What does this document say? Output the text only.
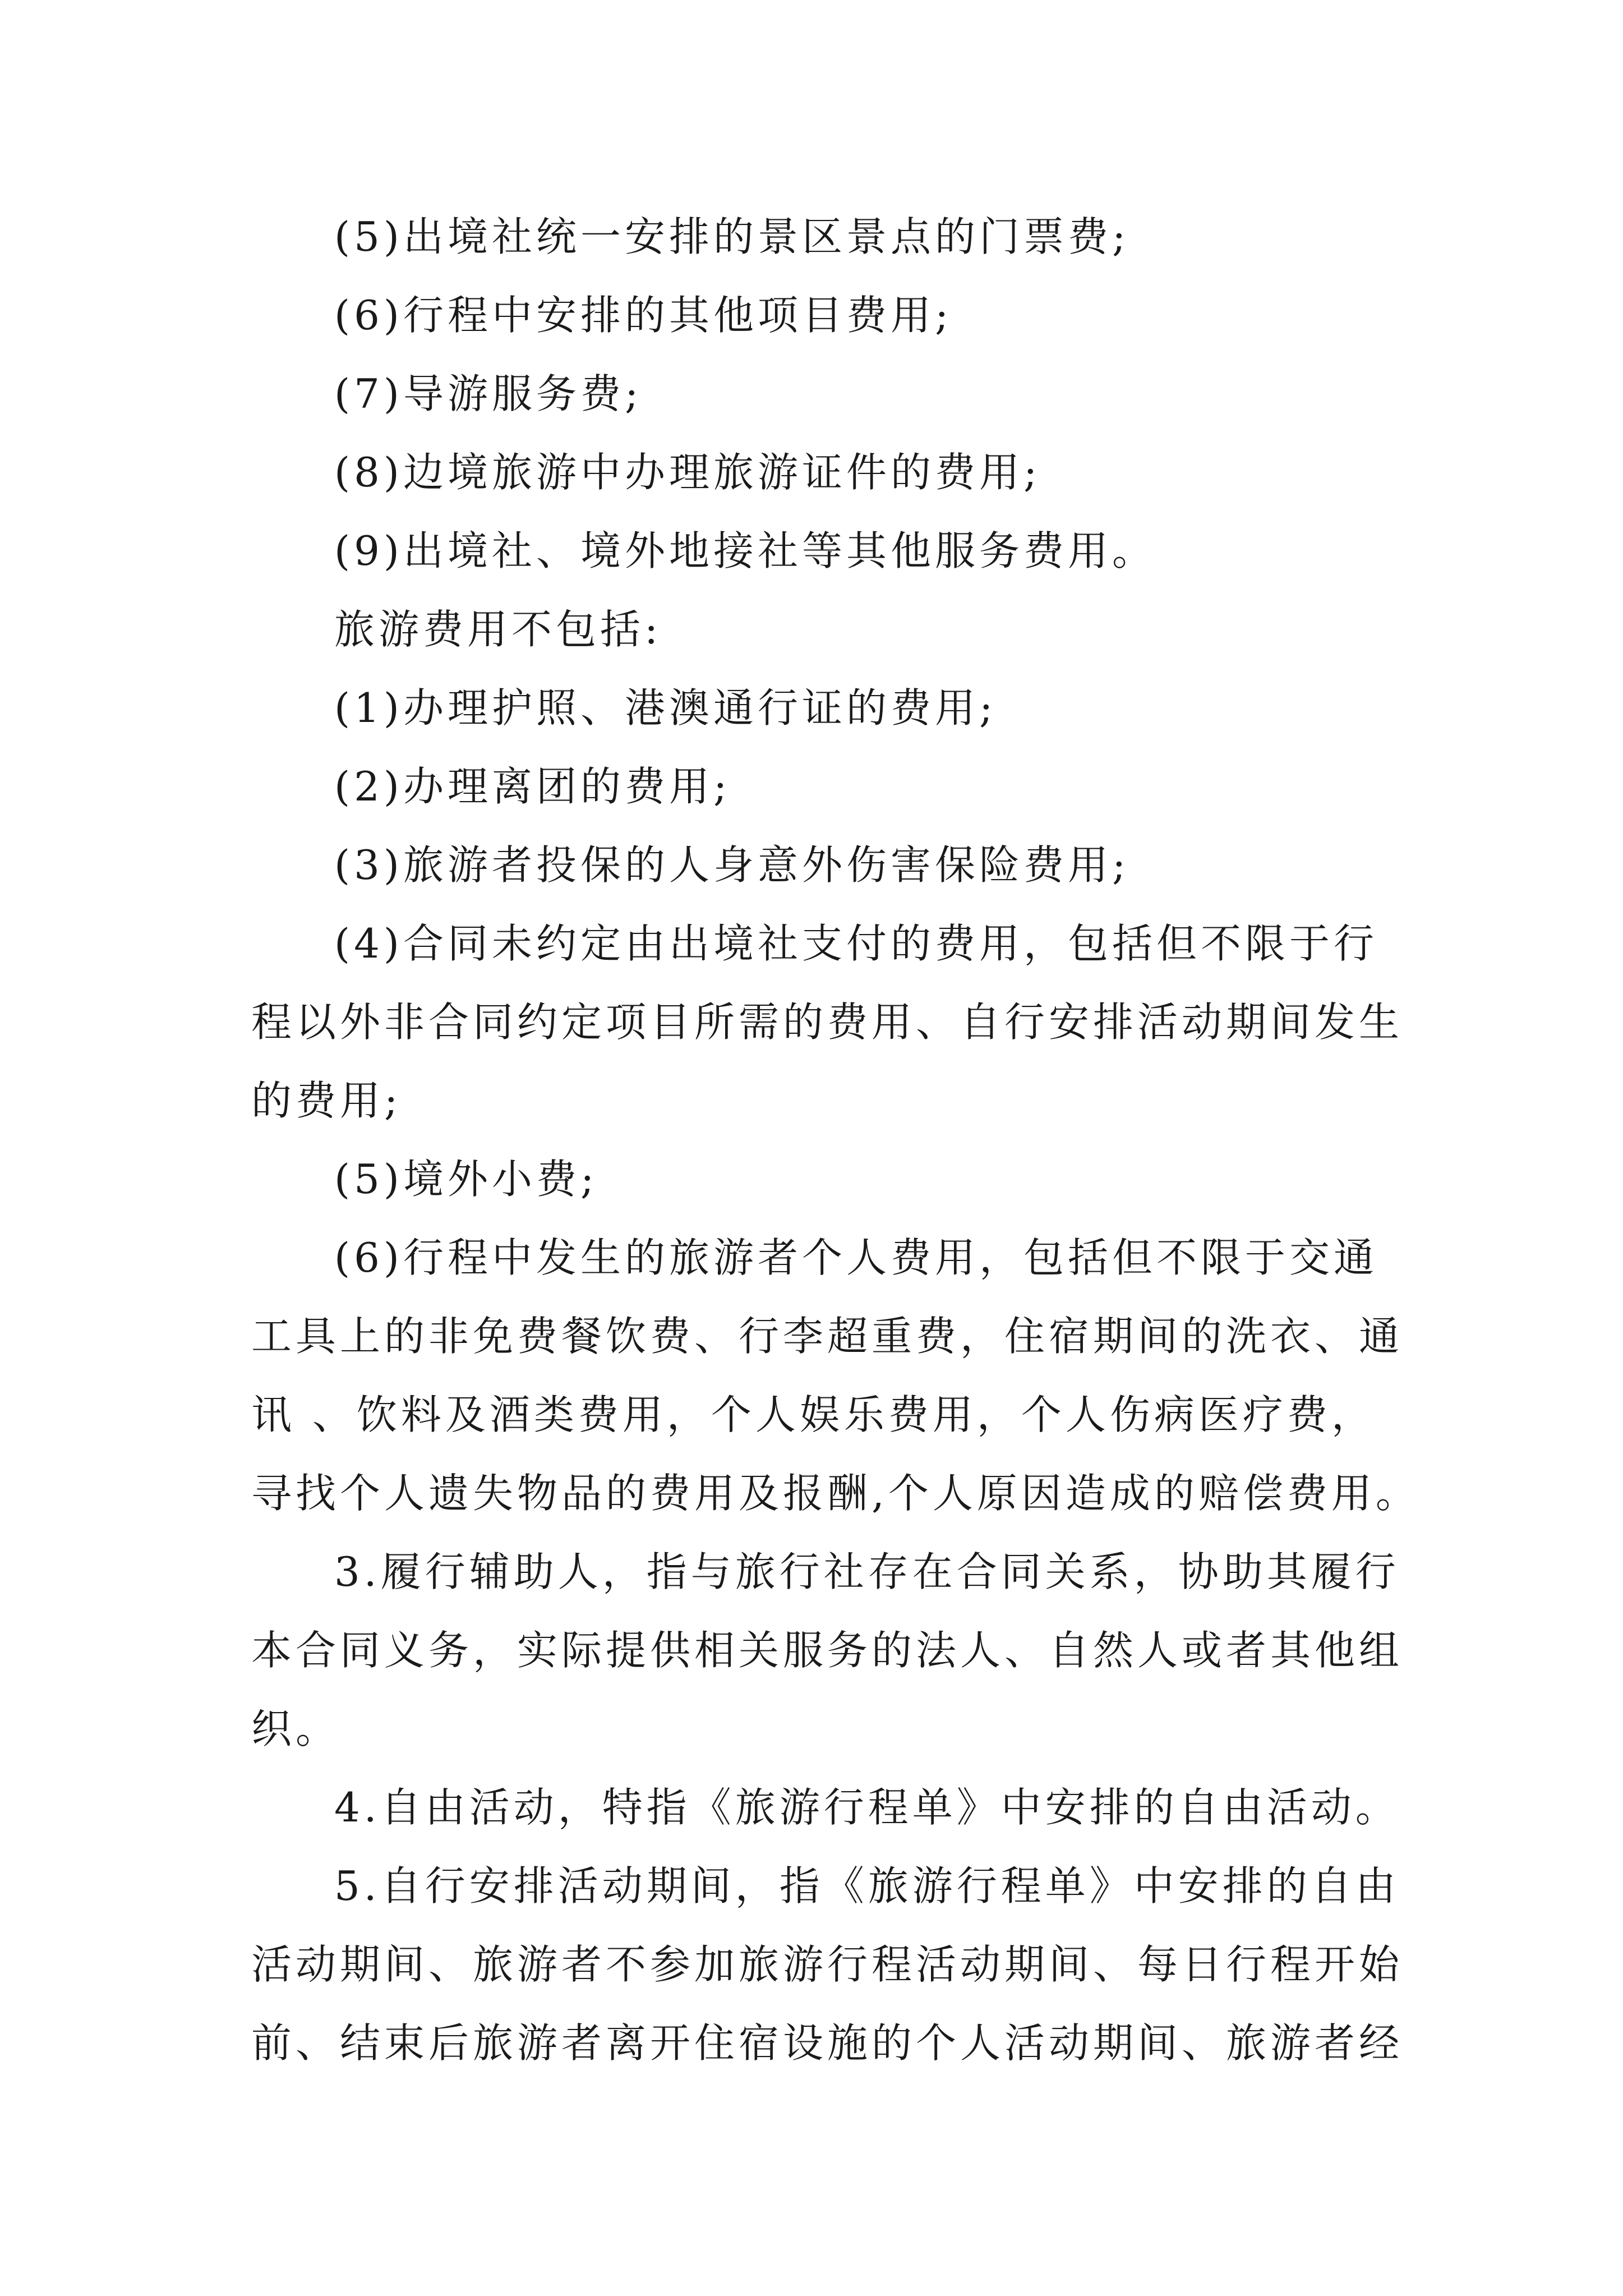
(5)出境社统一安排的景区景点的门票费;
(6)行程中安排的其他项目费用;
(7)导游服务费;
(8)边境旅游中办理旅游证件的费用;
(9)出境社、境外地接社等其他服务费用。
旅游费用不包括:
(1)办理护照、港澳通行证的费用;
(2)办理离团的费用;
(3)旅游者投保的人身意外伤害保险费用;
(4)合同未约定由出境社支付的费用，包括但不限于行
程以外非合同约定项目所需的费用、自行安排活动期间发生
的费用;
(5)境外小费;
(6)行程中发生的旅游者个人费用，包括但不限于交通
工具上的非免费餐饮费、行李超重费，住宿期间的洗衣、通
讯 、饮料及酒类费用，个人娱乐费用，个人伤病医疗费，
寻找个人遗失物品的费用及报酬,个人原因造成的赔偿费用。
3.履行辅助人，指与旅行社存在合同关系，协助其履行
本合同义务，实际提供相关服务的法人、自然人或者其他组
织。
4.自由活动，特指《旅游行程单》中安排的自由活动。
5.自行安排活动期间，指《旅游行程单》中安排的自由
活动期间、旅游者不参加旅游行程活动期间、每日行程开始
前、结束后旅游者离开住宿设施的个人活动期间、旅游者经
